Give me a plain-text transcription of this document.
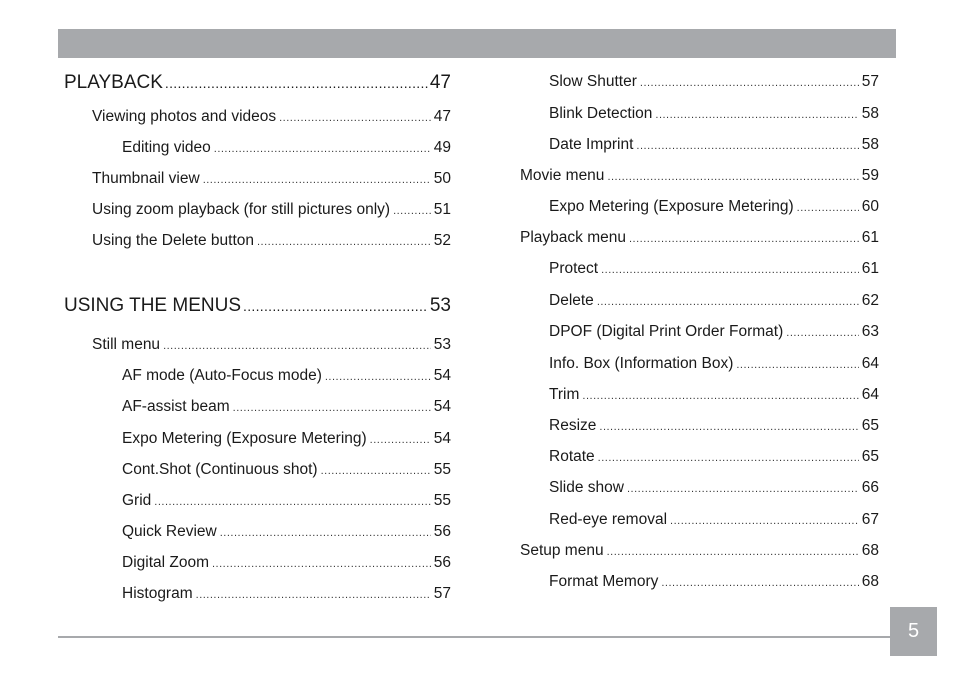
PLAYBACK .....	47
Viewing photos and videos .....	47
Editing video .....	49
Thumbnail view .....	50
Using zoom playback (for still pictures only) .....	51
Using the Delete button .....	52
USING THE MENUS .....	53
Still menu .....	53
AF mode (Auto-Focus mode) .....	54
AF-assist beam .....	54
Expo Metering (Exposure Metering) .....	54
Cont.Shot (Continuous shot) .....	55
Grid .....	55
Quick Review .....	56
Digital Zoom .....	56
Histogram .....	57
Slow Shutter .....	57
Blink Detection .....	58
Date Imprint .....	58
Movie menu .....	59
Expo Metering (Exposure Metering) .....	60
Playback menu .....	61
Protect .....	61
Delete .....	62
DPOF (Digital Print Order Format) .....	63
Info. Box (Information Box) .....	64
Trim .....	64
Resize .....	65
Rotate .....	65
Slide show .....	66
Red-eye removal .....	67
Setup menu .....	68
Format Memory .....	68
5
